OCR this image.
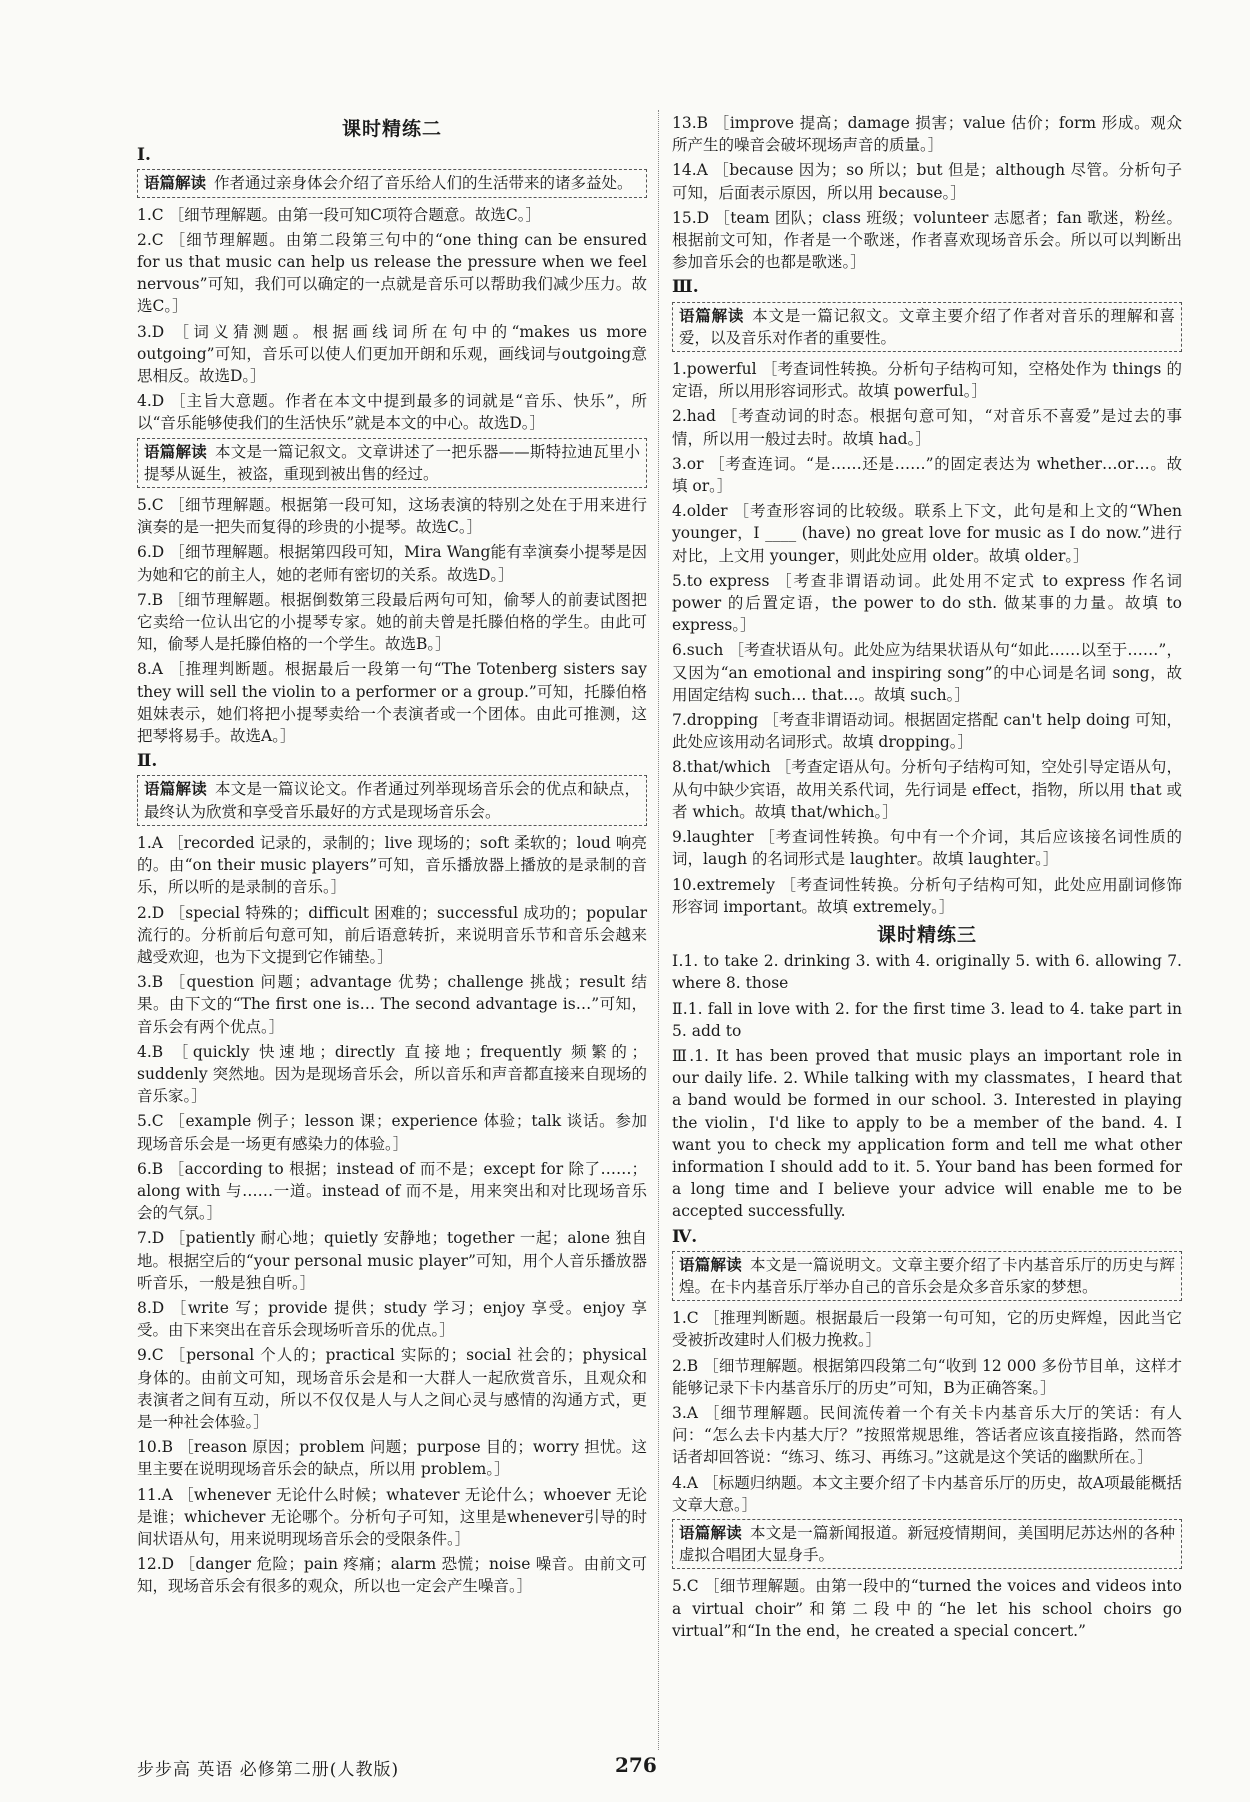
课时精练二
Ⅰ.
语篇解读 作者通过亲身体会介绍了音乐给人们的生活带来的诸多益处。
1.C ［细节理解题。由第一段可知C项符合题意。故选C。］
2.C ［细节理解题。由第二段第三句中的“one thing can be ensured for us that music can help us release the pressure when we feel nervous”可知，我们可以确定的一点就是音乐可以帮助我们减少压力。故选C。］
3.D ［词义猜测题。根据画线词所在句中的“makes us more outgoing”可知，音乐可以使人们更加开朗和乐观，画线词与outgoing意思相反。故选D。］
4.D ［主旨大意题。作者在本文中提到最多的词就是“音乐、快乐”，所以“音乐能够使我们的生活快乐”就是本文的中心。故选D。］
语篇解读 本文是一篇记叙文。文章讲述了一把乐器——斯特拉迪瓦里小提琴从诞生，被盗，重现到被出售的经过。
5.C ［细节理解题。根据第一段可知，这场表演的特别之处在于用来进行演奏的是一把失而复得的珍贵的小提琴。故选C。］
6.D ［细节理解题。根据第四段可知，Mira Wang能有幸演奏小提琴是因为她和它的前主人，她的老师有密切的关系。故选D。］
7.B ［细节理解题。根据倒数第三段最后两句可知，偷琴人的前妻试图把它卖给一位认出它的小提琴专家。她的前夫曾是托滕伯格的学生。由此可知，偷琴人是托滕伯格的一个学生。故选B。］
8.A ［推理判断题。根据最后一段第一句“The Totenberg sisters say they will sell the violin to a performer or a group.”可知，托滕伯格姐妹表示，她们将把小提琴卖给一个表演者或一个团体。由此可推测，这把琴将易手。故选A。］
Ⅱ.
语篇解读 本文是一篇议论文。作者通过列举现场音乐会的优点和缺点，最终认为欣赏和享受音乐最好的方式是现场音乐会。
1.A ［recorded 记录的，录制的；live 现场的；soft 柔软的；loud 响亮的。由“on their music players”可知，音乐播放器上播放的是录制的音乐，所以听的是录制的音乐。］
2.D ［special 特殊的；difficult 困难的；successful 成功的；popular 流行的。分析前后句意可知，前后语意转折，来说明音乐节和音乐会越来越受欢迎，也为下文提到它作铺垫。］
3.B ［question 问题；advantage 优势；challenge 挑战；result 结果。由下文的“The first one is… The second advantage is…”可知，音乐会有两个优点。］
4.B ［quickly 快速地；directly 直接地；frequently 频繁的；suddenly 突然地。因为是现场音乐会，所以音乐和声音都直接来自现场的音乐家。］
5.C ［example 例子；lesson 课；experience 体验；talk 谈话。参加现场音乐会是一场更有感染力的体验。］
6.B ［according to 根据；instead of 而不是；except for 除了……；along with 与……一道。instead of 而不是，用来突出和对比现场音乐会的气氛。］
7.D ［patiently 耐心地；quietly 安静地；together 一起；alone 独自地。根据空后的“your personal music player”可知，用个人音乐播放器听音乐，一般是独自听。］
8.D ［write 写；provide 提供；study 学习；enjoy 享受。enjoy 享受。由下来突出在音乐会现场听音乐的优点。］
9.C ［personal 个人的；practical 实际的；social 社会的；physical 身体的。由前文可知，现场音乐会是和一大群人一起欣赏音乐，且观众和表演者之间有互动，所以不仅仅是人与人之间心灵与感情的沟通方式，更是一种社会体验。］
10.B ［reason 原因；problem 问题；purpose 目的；worry 担忧。这里主要在说明现场音乐会的缺点，所以用 problem。］
11.A ［whenever 无论什么时候；whatever 无论什么；whoever 无论是谁；whichever 无论哪个。分析句子可知，这里是whenever引导的时间状语从句，用来说明现场音乐会的受限条件。］
12.D ［danger 危险；pain 疼痛；alarm 恐慌；noise 噪音。由前文可知，现场音乐会有很多的观众，所以也一定会产生噪音。］
13.B ［improve 提高；damage 损害；value 估价；form 形成。观众所产生的噪音会破坏现场声音的质量。］
14.A ［because 因为；so 所以；but 但是；although 尽管。分析句子可知，后面表示原因，所以用 because。］
15.D ［team 团队；class 班级；volunteer 志愿者；fan 歌迷，粉丝。根据前文可知，作者是一个歌迷，作者喜欢现场音乐会。所以可以判断出参加音乐会的也都是歌迷。］
Ⅲ.
语篇解读 本文是一篇记叙文。文章主要介绍了作者对音乐的理解和喜爱，以及音乐对作者的重要性。
1.powerful ［考查词性转换。分析句子结构可知，空格处作为 things 的定语，所以用形容词形式。故填 powerful。］
2.had ［考查动词的时态。根据句意可知，“对音乐不喜爱”是过去的事情，所以用一般过去时。故填 had。］
3.or ［考查连词。“是……还是……”的固定表达为 whether…or…。故填 or。］
4.older ［考查形容词的比较级。联系上下文，此句是和上文的“When younger，I ____ (have) no great love for music as I do now.”进行对比，上文用 younger，则此处应用 older。故填 older。］
5.to express ［考查非谓语动词。此处用不定式 to express 作名词 power 的后置定语，the power to do sth. 做某事的力量。故填 to express。］
6.such ［考查状语从句。此处应为结果状语从句“如此……以至于……”，又因为“an emotional and inspiring song”的中心词是名词 song，故用固定结构 such… that…。故填 such。］
7.dropping ［考查非谓语动词。根据固定搭配 can't help doing 可知，此处应该用动名词形式。故填 dropping。］
8.that/which ［考查定语从句。分析句子结构可知，空处引导定语从句，从句中缺少宾语，故用关系代词，先行词是 effect，指物，所以用 that 或者 which。故填 that/which。］
9.laughter ［考查词性转换。句中有一个介词，其后应该接名词性质的词，laugh 的名词形式是 laughter。故填 laughter。］
10.extremely ［考查词性转换。分析句子结构可知，此处应用副词修饰形容词 important。故填 extremely。］
课时精练三
Ⅰ.1. to take 2. drinking 3. with 4. originally 5. with 6. allowing 7. where 8. those
Ⅱ.1. fall in love with 2. for the first time 3. lead to 4. take part in 5. add to
Ⅲ.1. It has been proved that music plays an important role in our daily life. 2. While talking with my classmates，I heard that a band would be formed in our school. 3. Interested in playing the violin，I'd like to apply to be a member of the band. 4. I want you to check my application form and tell me what other information I should add to it. 5. Your band has been formed for a long time and I believe your advice will enable me to be accepted successfully.
Ⅳ.
语篇解读 本文是一篇说明文。文章主要介绍了卡内基音乐厅的历史与辉煌。在卡内基音乐厅举办自己的音乐会是众多音乐家的梦想。
1.C ［推理判断题。根据最后一段第一句可知，它的历史辉煌，因此当它受被折改建时人们极力挽救。］
2.B ［细节理解题。根据第四段第二句“收到 12 000 多份节目单，这样才能够记录下卡内基音乐厅的历史”可知，B为正确答案。］
3.A ［细节理解题。民间流传着一个有关卡内基音乐大厅的笑话：有人问：“怎么去卡内基大厅？”按照常规思维，答话者应该直接指路，然而答话者却回答说：“练习、练习、再练习。”这就是这个笑话的幽默所在。］
4.A ［标题归纳题。本文主要介绍了卡内基音乐厅的历史，故A项最能概括文章大意。］
语篇解读 本文是一篇新闻报道。新冠疫情期间，美国明尼苏达州的各种虚拟合唱团大显身手。
5.C ［细节理解题。由第一段中的“turned the voices and videos into a virtual choir”和第二段中的“he let his school choirs go virtual”和“In the end，he created a special concert.”
步步高 英语 必修第二册(人教版)	276
